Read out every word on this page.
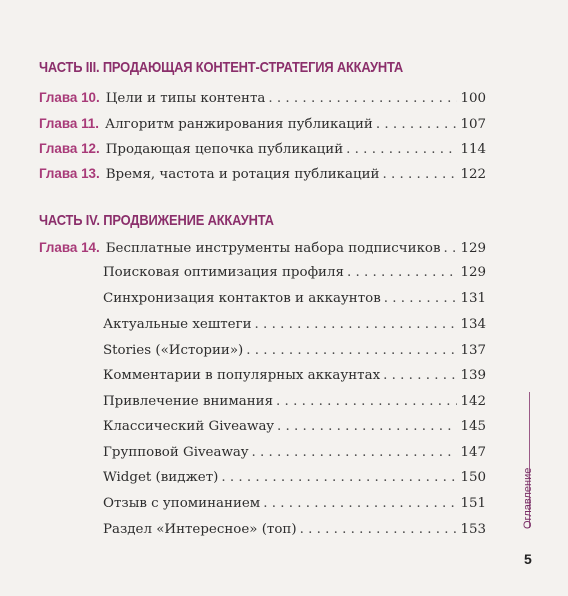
ЧАСТЬ III. ПРОДАЮЩАЯ КОНТЕНТ-СТРАТЕГИЯ АККАУНТА
Глава 10. Цели и типы контента . . .	100
Глава 11. Алгоритм ранжирования публикаций . . .	107
Глава 12. Продающая цепочка публикаций . . .	114
Глава 13. Время, частота и ротация публикаций . . .	122
ЧАСТЬ IV. ПРОДВИЖЕНИЕ АККАУНТА
Глава 14. Бесплатные инструменты набора подписчиков . . . 129
Поисковая оптимизация профиля . . .	129
Синхронизация контактов и аккаунтов . . .	131
Актуальные хештеги . . .	134
Stories («Истории») . . .	137
Комментарии в популярных аккаунтах . . .	139
Привлечение внимания . . .	142
Классический Giveaway . . .	145
Групповой Giveaway . . .	147
Widget (виджет) . . .	150
Отзыв с упоминанием . . .	151
Раздел «Интересное» (топ) . . .	153
Оглавление
5
